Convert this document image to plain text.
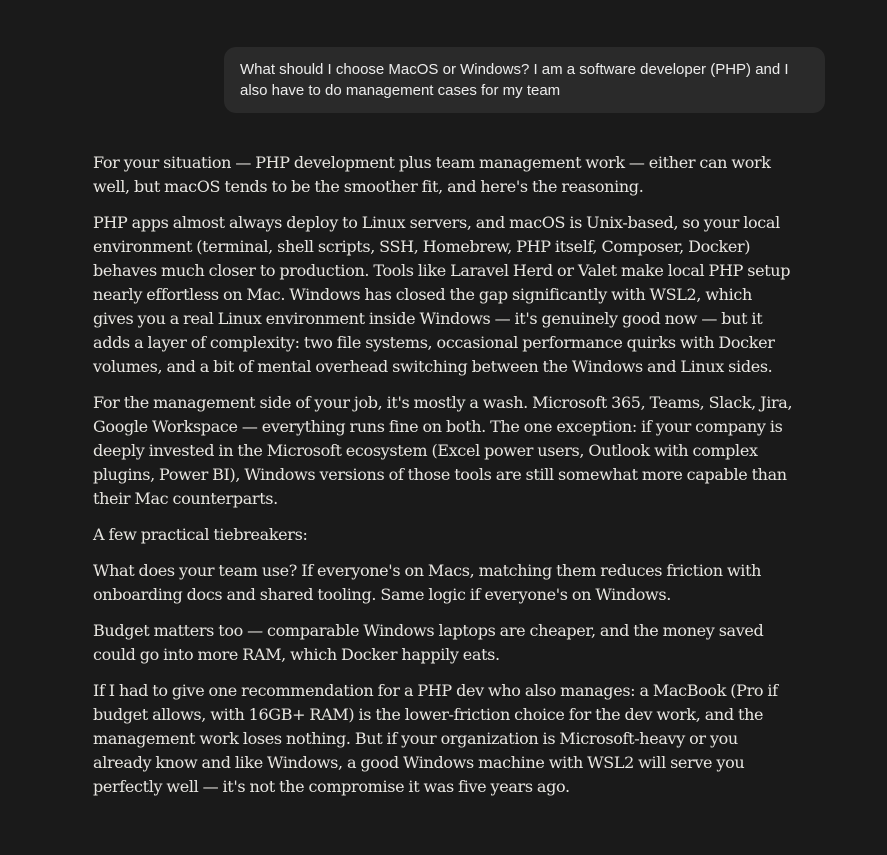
What should I choose MacOS or Windows? I am a software developer (PHP) and I also have to do management cases for my team

For your situation — PHP development plus team management work — either can work well, but macOS tends to be the smoother fit, and here's the reasoning.

PHP apps almost always deploy to Linux servers, and macOS is Unix-based, so your local environment (terminal, shell scripts, SSH, Homebrew, PHP itself, Composer, Docker) behaves much closer to production. Tools like Laravel Herd or Valet make local PHP setup nearly effortless on Mac. Windows has closed the gap significantly with WSL2, which gives you a real Linux environment inside Windows — it's genuinely good now — but it adds a layer of complexity: two file systems, occasional performance quirks with Docker volumes, and a bit of mental overhead switching between the Windows and Linux sides.

For the management side of your job, it's mostly a wash. Microsoft 365, Teams, Slack, Jira, Google Workspace — everything runs fine on both. The one exception: if your company is deeply invested in the Microsoft ecosystem (Excel power users, Outlook with complex plugins, Power BI), Windows versions of those tools are still somewhat more capable than their Mac counterparts.

A few practical tiebreakers:

What does your team use? If everyone's on Macs, matching them reduces friction with onboarding docs and shared tooling. Same logic if everyone's on Windows.

Budget matters too — comparable Windows laptops are cheaper, and the money saved could go into more RAM, which Docker happily eats.

If I had to give one recommendation for a PHP dev who also manages: a MacBook (Pro if budget allows, with 16GB+ RAM) is the lower-friction choice for the dev work, and the management work loses nothing. But if your organization is Microsoft-heavy or you already know and like Windows, a good Windows machine with WSL2 will serve you perfectly well — it's not the compromise it was five years ago.
